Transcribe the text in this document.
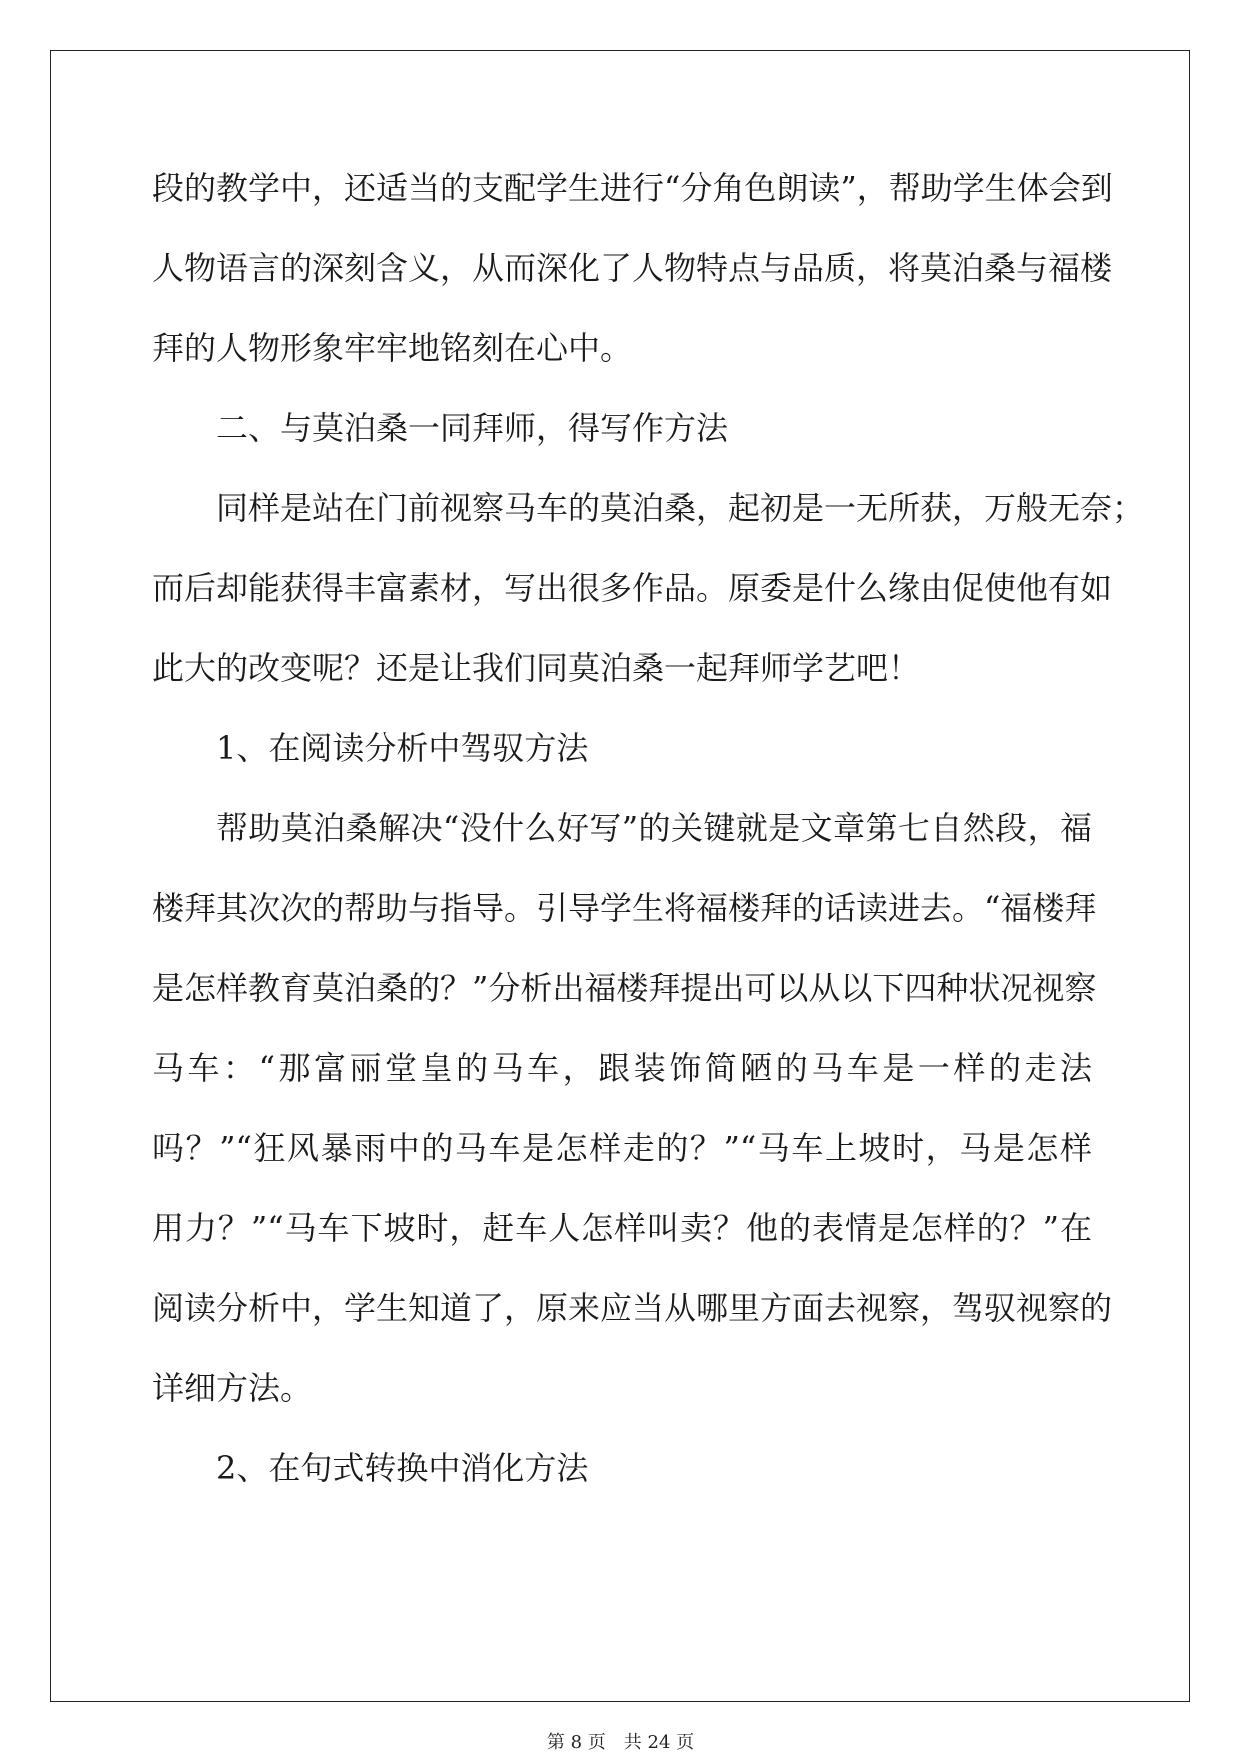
段的教学中，还适当的支配学生进行“分角色朗读”，帮助学生体会到
人物语言的深刻含义，从而深化了人物特点与品质，将莫泊桑与福楼
拜的人物形象牢牢地铭刻在心中。
二、与莫泊桑一同拜师，得写作方法
同样是站在门前视察马车的莫泊桑，起初是一无所获，万般无奈；
而后却能获得丰富素材，写出很多作品。原委是什么缘由促使他有如
此大的改变呢？还是让我们同莫泊桑一起拜师学艺吧！
1、在阅读分析中驾驭方法
帮助莫泊桑解决“没什么好写”的关键就是文章第七自然段，福
楼拜其次次的帮助与指导。引导学生将福楼拜的话读进去。“福楼拜
是怎样教育莫泊桑的？”分析出福楼拜提出可以从以下四种状况视察
马车：“那富丽堂皇的马车，跟装饰简陋的马车是一样的走法
吗？”“狂风暴雨中的马车是怎样走的？”“马车上坡时，马是怎样
用力？”“马车下坡时，赶车人怎样叫卖？他的表情是怎样的？”在
阅读分析中，学生知道了，原来应当从哪里方面去视察，驾驭视察的
详细方法。
2、在句式转换中消化方法
第 8 页　共 24 页
